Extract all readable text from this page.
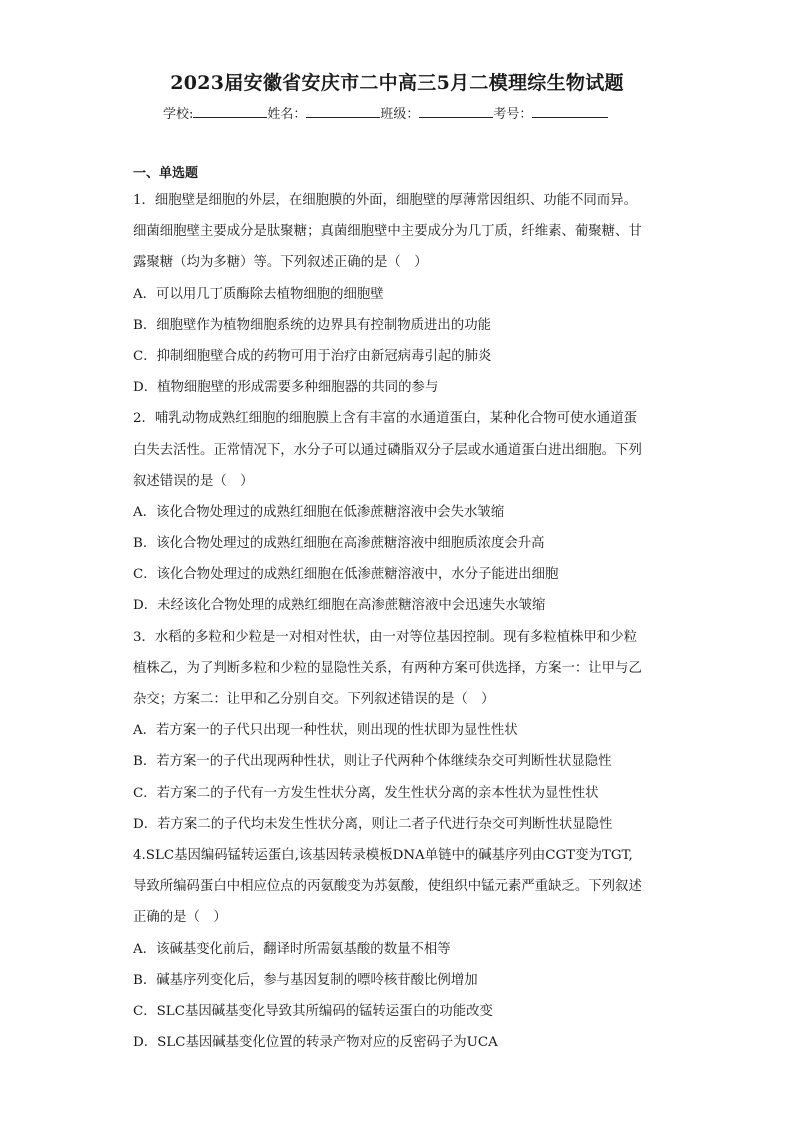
2023届安徽省安庆市二中高三5月二模理综生物试题
学校:	姓名：	班级：	考号：
一、单选题
1．细胞壁是细胞的外层，在细胞膜的外面，细胞壁的厚薄常因组织、功能不同而异。
细菌细胞壁主要成分是肽聚糖；真菌细胞壁中主要成分为几丁质，纤维素、葡聚糖、甘
露聚糖（均为多糖）等。下列叙述正确的是（　）
A．可以用几丁质酶除去植物细胞的细胞壁
B．细胞壁作为植物细胞系统的边界具有控制物质进出的功能
C．抑制细胞壁合成的药物可用于治疗由新冠病毒引起的肺炎
D．植物细胞壁的形成需要多种细胞器的共同的参与
2．哺乳动物成熟红细胞的细胞膜上含有丰富的水通道蛋白，某种化合物可使水通道蛋
白失去活性。正常情况下，水分子可以通过磷脂双分子层或水通道蛋白进出细胞。下列
叙述错误的是（　）
A．该化合物处理过的成熟红细胞在低渗蔗糖溶液中会失水皱缩
B．该化合物处理过的成熟红细胞在高渗蔗糖溶液中细胞质浓度会升高
C．该化合物处理过的成熟红细胞在低渗蔗糖溶液中，水分子能进出细胞
D．未经该化合物处理的成熟红细胞在高渗蔗糖溶液中会迅速失水皱缩
3．水稻的多粒和少粒是一对相对性状，由一对等位基因控制。现有多粒植株甲和少粒
植株乙，为了判断多粒和少粒的显隐性关系，有两种方案可供选择，方案一：让甲与乙
杂交；方案二：让甲和乙分别自交。下列叙述错误的是（　）
A．若方案一的子代只出现一种性状，则出现的性状即为显性性状
B．若方案一的子代出现两种性状，则让子代两种个体继续杂交可判断性状显隐性
C．若方案二的子代有一方发生性状分离，发生性状分离的亲本性状为显性性状
D．若方案二的子代均未发生性状分离，则让二者子代进行杂交可判断性状显隐性
4.SLC基因编码锰转运蛋白,该基因转录模板DNA单链中的碱基序列由CGT变为TGT,
导致所编码蛋白中相应位点的丙氨酸变为苏氨酸，使组织中锰元素严重缺乏。下列叙述
正确的是（　）
A．该碱基变化前后，翻译时所需氨基酸的数量不相等
B．碱基序列变化后，参与基因复制的嘌呤核苷酸比例增加
C．SLC基因碱基变化导致其所编码的锰转运蛋白的功能改变
D．SLC基因碱基变化位置的转录产物对应的反密码子为UCA
